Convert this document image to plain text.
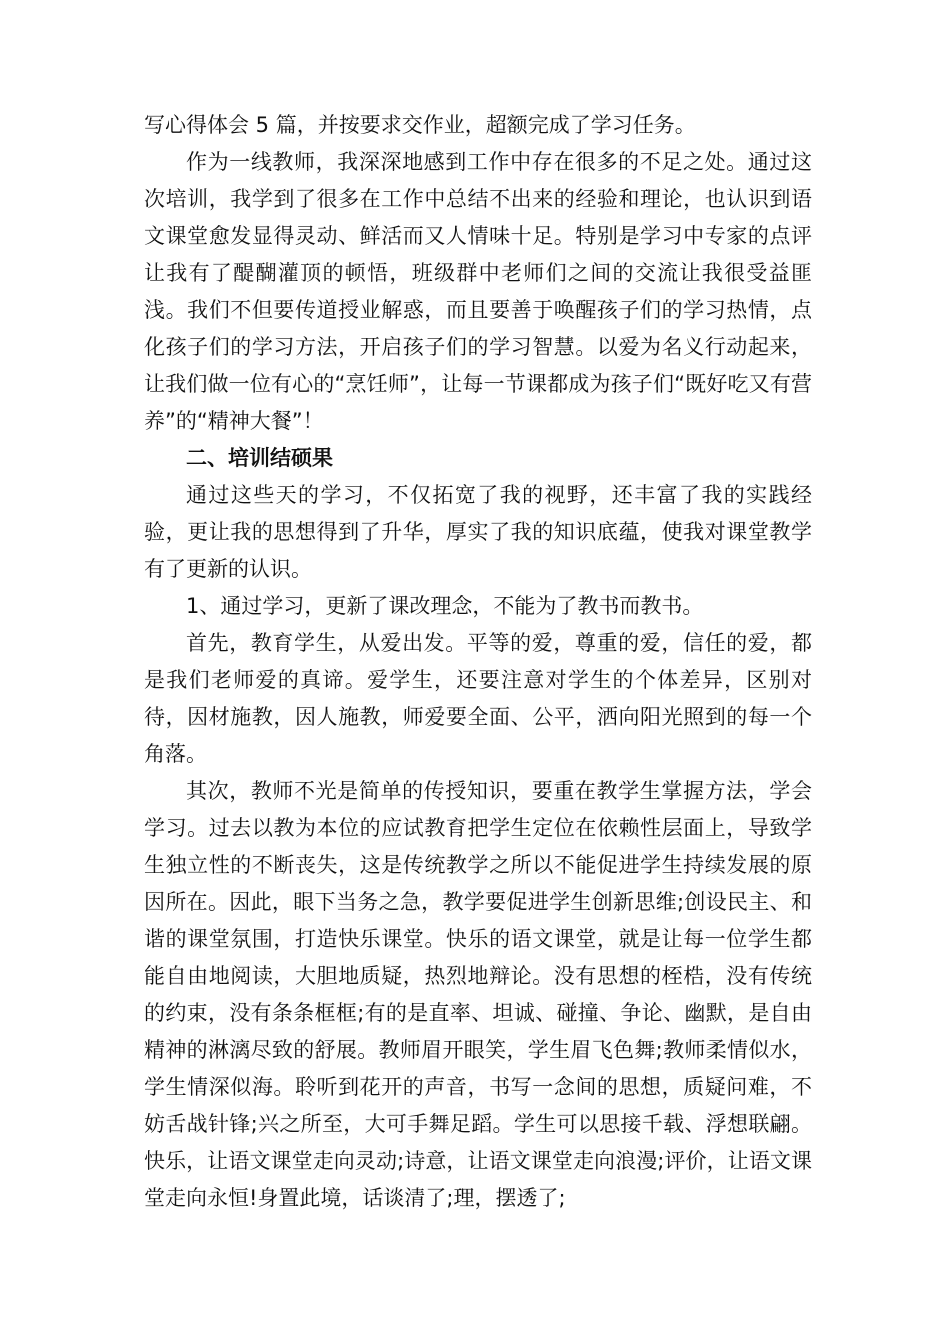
写心得体会 5 篇，并按要求交作业，超额完成了学习任务。

作为一线教师，我深深地感到工作中存在很多的不足之处。通过这次培训，我学到了很多在工作中总结不出来的经验和理论，也认识到语文课堂愈发显得灵动、鲜活而又人情味十足。特别是学习中专家的点评让我有了醍醐灌顶的顿悟，班级群中老师们之间的交流让我很受益匪浅。我们不但要传道授业解惑，而且要善于唤醒孩子们的学习热情，点化孩子们的学习方法，开启孩子们的学习智慧。以爱为名义行动起来，让我们做一位有心的“烹饪师”，让每一节课都成为孩子们“既好吃又有营养”的“精神大餐”！

二、培训结硕果

通过这些天的学习，不仅拓宽了我的视野，还丰富了我的实践经验，更让我的思想得到了升华，厚实了我的知识底蕴，使我对课堂教学有了更新的认识。

1、通过学习，更新了课改理念，不能为了教书而教书。

首先，教育学生，从爱出发。平等的爱，尊重的爱，信任的爱，都是我们老师爱的真谛。爱学生，还要注意对学生的个体差异，区别对待，因材施教，因人施教，师爱要全面、公平，洒向阳光照到的每一个角落。

其次，教师不光是简单的传授知识，要重在教学生掌握方法，学会学习。过去以教为本位的应试教育把学生定位在依赖性层面上，导致学生独立性的不断丧失，这是传统教学之所以不能促进学生持续发展的原因所在。因此，眼下当务之急，教学要促进学生创新思维;创设民主、和谐的课堂氛围，打造快乐课堂。快乐的语文课堂，就是让每一位学生都能自由地阅读，大胆地质疑，热烈地辩论。没有思想的桎梏，没有传统的约束，没有条条框框;有的是直率、坦诚、碰撞、争论、幽默，是自由精神的淋漓尽致的舒展。教师眉开眼笑，学生眉飞色舞;教师柔情似水，学生情深似海。聆听到花开的声音，书写一念间的思想，质疑问难，不妨舌战针锋;兴之所至，大可手舞足蹈。学生可以思接千载、浮想联翩。快乐，让语文课堂走向灵动;诗意，让语文课堂走向浪漫;评价，让语文课堂走向永恒!身置此境，话谈清了;理，摆透了;
